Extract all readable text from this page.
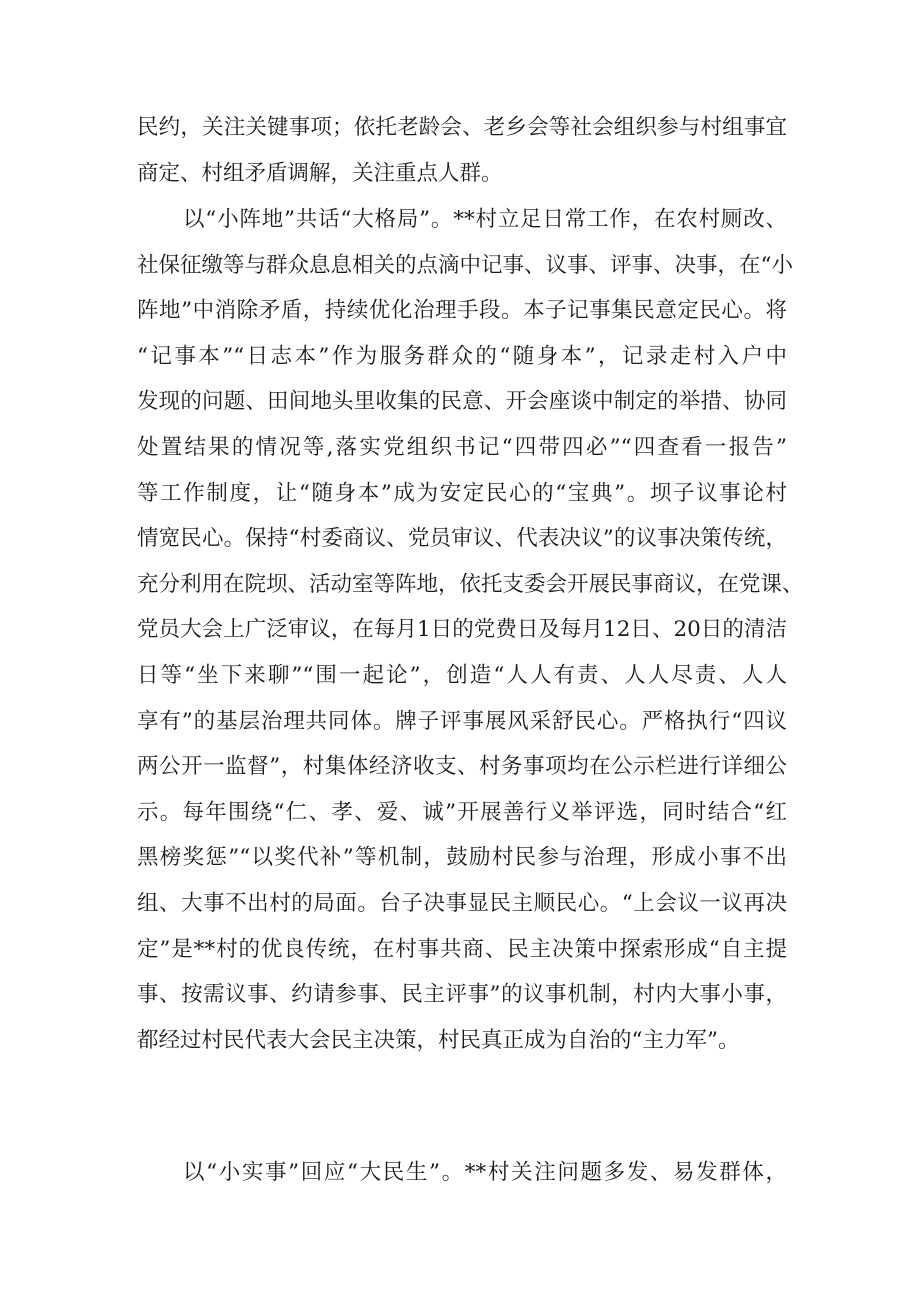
民约，关注关键事项；依托老龄会、老乡会等社会组织参与村组事宜
商定、村组矛盾调解，关注重点人群。
以“小阵地”共话“大格局”。**村立足日常工作，在农村厕改、
社保征缴等与群众息息相关的点滴中记事、议事、评事、决事，在“小
阵地”中消除矛盾，持续优化治理手段。本子记事集民意定民心。将
“记事本”“日志本”作为服务群众的“随身本”，记录走村入户中
发现的问题、田间地头里收集的民意、开会座谈中制定的举措、协同
处置结果的情况等,落实党组织书记“四带四必”“四查看一报告”
等工作制度，让“随身本”成为安定民心的“宝典”。坝子议事论村
情宽民心。保持“村委商议、党员审议、代表决议”的议事决策传统，
充分利用在院坝、活动室等阵地，依托支委会开展民事商议，在党课、
党员大会上广泛审议，在每月1日的党费日及每月12日、20日的清洁
日等“坐下来聊”“围一起论”，创造“人人有责、人人尽责、人人
享有”的基层治理共同体。牌子评事展风采舒民心。严格执行“四议
两公开一监督”，村集体经济收支、村务事项均在公示栏进行详细公
示。每年围绕“仁、孝、爱、诚”开展善行义举评选，同时结合“红
黑榜奖惩”“以奖代补”等机制，鼓励村民参与治理，形成小事不出
组、大事不出村的局面。台子决事显民主顺民心。“上会议一议再决
定”是**村的优良传统，在村事共商、民主决策中探索形成“自主提
事、按需议事、约请参事、民主评事”的议事机制，村内大事小事，
都经过村民代表大会民主决策，村民真正成为自治的“主力军”。
以“小实事”回应“大民生”。**村关注问题多发、易发群体，
